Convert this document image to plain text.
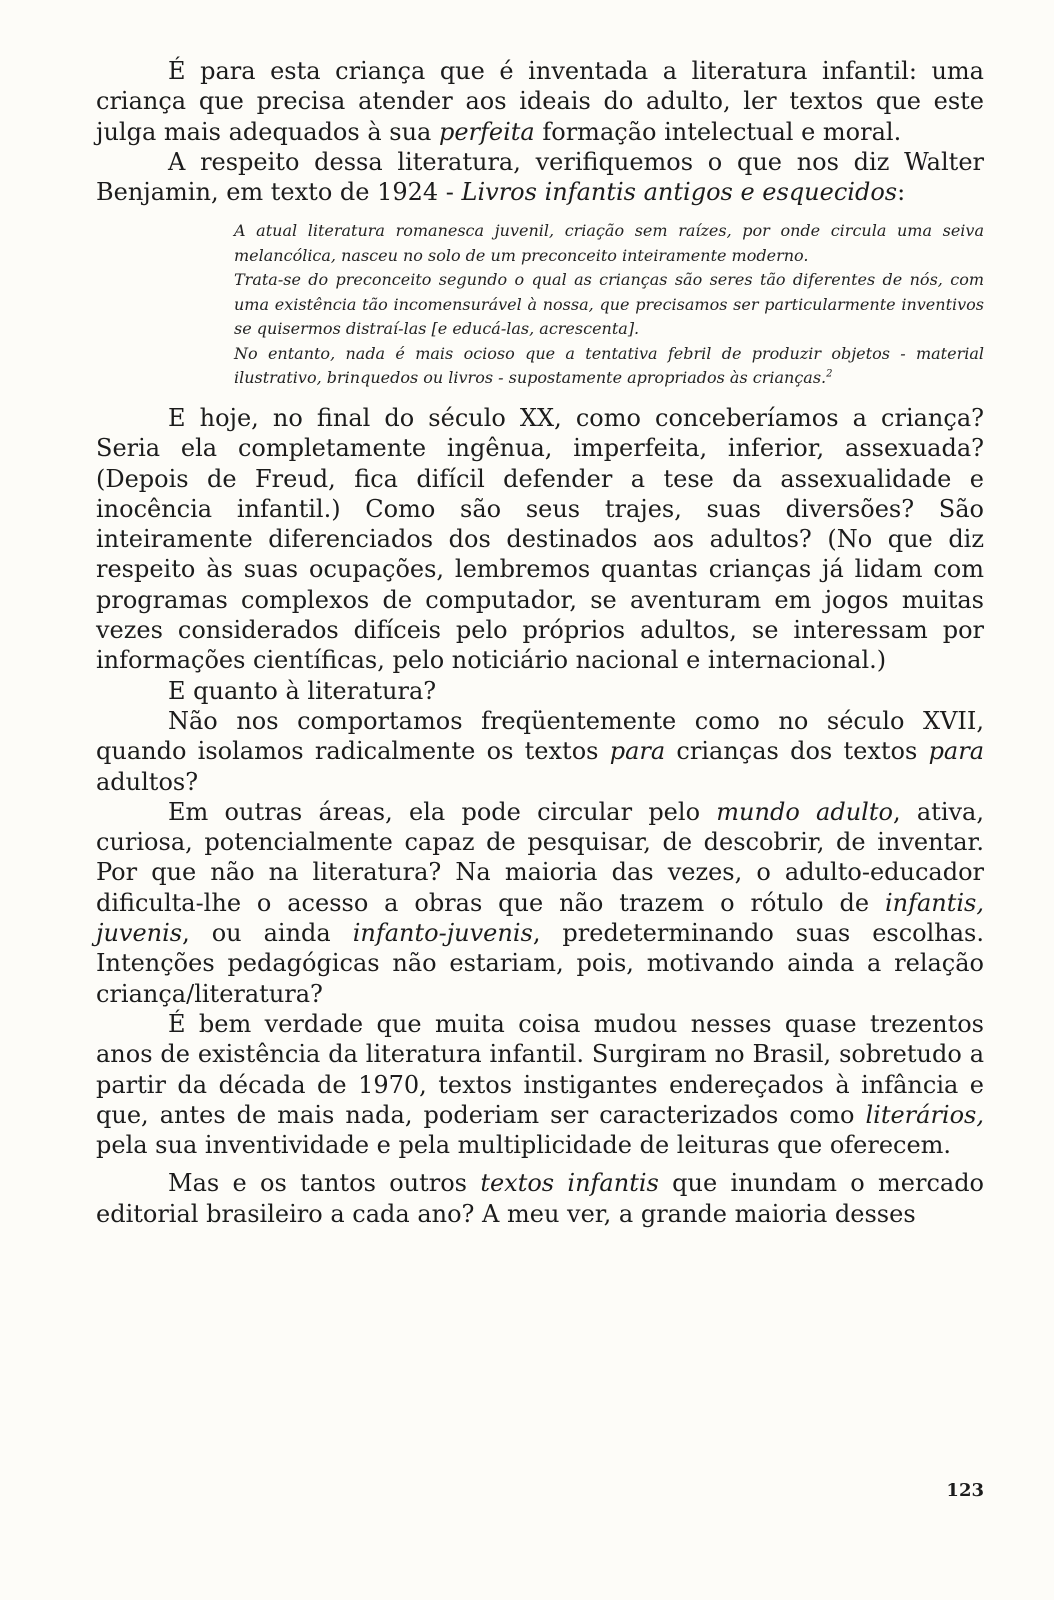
É para esta criança que é inventada a literatura infantil: uma criança que precisa atender aos ideais do adulto, ler textos que este julga mais adequados à sua perfeita formação intelectual e moral.

A respeito dessa literatura, verifiquemos o que nos diz Walter Benjamin, em texto de 1924 - Livros infantis antigos e esquecidos:

A atual literatura romanesca juvenil, criação sem raízes, por onde circula uma seiva melancólica, nasceu no solo de um preconceito inteiramente moderno.

Trata-se do preconceito segundo o qual as crianças são seres tão diferentes de nós, com uma existência tão incomensurável à nossa, que precisamos ser particularmente inventivos se quisermos distraí-las [e educá-las, acrescenta].

No entanto, nada é mais ocioso que a tentativa febril de produzir objetos - material ilustrativo, brinquedos ou livros - supostamente apropriados às crianças.$^2$

E hoje, no final do século XX, como conceberíamos a criança? Seria ela completamente ingênua, imperfeita, inferior, assexuada? (Depois de Freud, fica difícil defender a tese da assexualidade e inocência infantil.) Como são seus trajes, suas diversões? São inteiramente diferenciados dos destinados aos adultos? (No que diz respeito às suas ocupações, lembremos quantas crianças já lidam com programas complexos de computador, se aventuram em jogos muitas vezes considerados difíceis pelo próprios adultos, se interessam por informações científicas, pelo noticiário nacional e internacional.)

E quanto à literatura?

Não nos comportamos freqüentemente como no século XVII, quando isolamos radicalmente os textos para crianças dos textos para adultos?

Em outras áreas, ela pode circular pelo mundo adulto, ativa, curiosa, potencialmente capaz de pesquisar, de descobrir, de inventar. Por que não na literatura? Na maioria das vezes, o adulto-educador dificulta-lhe o acesso a obras que não trazem o rótulo de infantis, juvenis, ou ainda infanto-juvenis, predeterminando suas escolhas. Intenções pedagógicas não estariam, pois, motivando ainda a relação criança/literatura?

É bem verdade que muita coisa mudou nesses quase trezentos anos de existência da literatura infantil. Surgiram no Brasil, sobretudo a partir da década de 1970, textos instigantes endereçados à infância e que, antes de mais nada, poderiam ser caracterizados como literários, pela sua inventividade e pela multiplicidade de leituras que oferecem.

Mas e os tantos outros textos infantis que inundam o mercado editorial brasileiro a cada ano? A meu ver, a grande maioria desses

123
